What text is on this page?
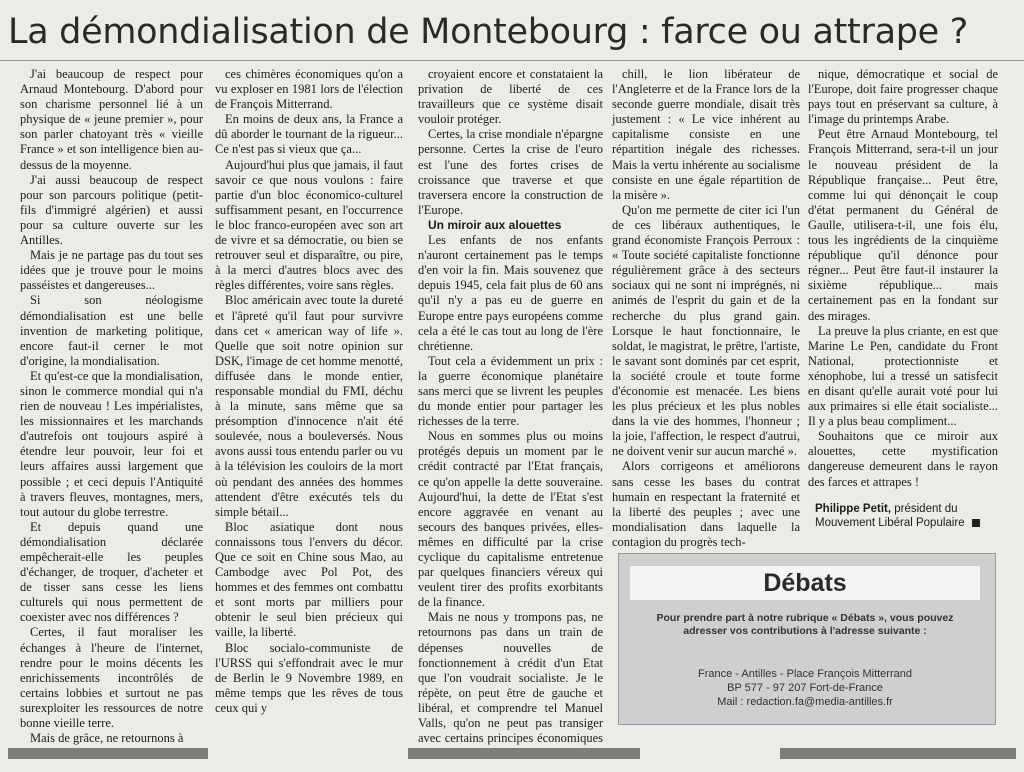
La démondialisation de Montebourg : farce ou attrape ?

J'ai beaucoup de respect pour Arnaud Montebourg. D'abord pour son charisme personnel lié à un physique de « jeune premier », pour son parler chatoyant très « vieille France » et son intelligence bien au-dessus de la moyenne.

J'ai aussi beaucoup de respect pour son parcours politique (petit-fils d'immigré algérien) et aussi pour sa culture ouverte sur les Antilles.

Mais je ne partage pas du tout ses idées que je trouve pour le moins passéistes et dangereuses...

Si son néologisme démondialisation est une belle invention de marketing politique, encore faut-il cerner le mot d'origine, la mondialisation.

Et qu'est-ce que la mondialisation, sinon le commerce mondial qui n'a rien de nouveau ! Les impérialistes, les missionnaires et les marchands d'autrefois ont toujours aspiré à étendre leur pouvoir, leur foi et leurs affaires aussi largement que possible ; et ceci depuis l'Antiquité à travers fleuves, montagnes, mers, tout autour du globe terrestre.

Et depuis quand une démondialisation déclarée empêcherait-elle les peuples d'échanger, de troquer, d'acheter et de tisser sans cesse les liens culturels qui nous permettent de coexister avec nos différences ?

Certes, il faut moraliser les échanges à l'heure de l'internet, rendre pour le moins décents les enrichissements incontrôlés de certains lobbies et surtout ne pas surexploiter les ressources de notre bonne vieille terre.

Mais de grâce, ne retournons à

ces chimères économiques qu'on a vu exploser en 1981 lors de l'élection de François Mitterrand.

En moins de deux ans, la France a dû aborder le tournant de la rigueur... Ce n'est pas si vieux que ça...

Aujourd'hui plus que jamais, il faut savoir ce que nous voulons : faire partie d'un bloc économico-culturel suffisamment pesant, en l'occurrence le bloc franco-européen avec son art de vivre et sa démocratie, ou bien se retrouver seul et disparaître, ou pire, à la merci d'autres blocs avec des règles différentes, voire sans règles.

Bloc américain avec toute la dureté et l'âpreté qu'il faut pour survivre dans cet « american way of life ». Quelle que soit notre opinion sur DSK, l'image de cet homme menotté, diffusée dans le monde entier, responsable mondial du FMI, déchu à la minute, sans même que sa présomption d'innocence n'ait été soulevée, nous a bouleversés. Nous avons aussi tous entendu parler ou vu à la télévision les couloirs de la mort où pendant des années des hommes attendent d'être exécutés tels du simple bétail...

Bloc asiatique dont nous connaissons tous l'envers du décor. Que ce soit en Chine sous Mao, au Cambodge avec Pol Pot, des hommes et des femmes ont combattu et sont morts par milliers pour obtenir le seul bien précieux qui vaille, la liberté.

Bloc socialo-communiste de l'URSS qui s'effondrait avec le mur de Berlin le 9 Novembre 1989, en même temps que les rêves de tous ceux qui y

croyaient encore et constataient la privation de liberté de ces travailleurs que ce système disait vouloir protéger.

Certes, la crise mondiale n'épargne personne. Certes la crise de l'euro est l'une des fortes crises de croissance que traverse et que traversera encore la construction de l'Europe.

Un miroir aux alouettes

Les enfants de nos enfants n'auront certainement pas le temps d'en voir la fin. Mais souvenez que depuis 1945, cela fait plus de 60 ans qu'il n'y a pas eu de guerre en Europe entre pays européens comme cela a été le cas tout au long de l'ère chrétienne.

Tout cela a évidemment un prix : la guerre économique planétaire sans merci que se livrent les peuples du monde entier pour partager les richesses de la terre.

Nous en sommes plus ou moins protégés depuis un moment par le crédit contracté par l'Etat français, ce qu'on appelle la dette souveraine. Aujourd'hui, la dette de l'Etat s'est encore aggravée en venant au secours des banques privées, elles-mêmes en difficulté par la crise cyclique du capitalisme entretenue par quelques financiers véreux qui veulent tirer des profits exorbitants de la finance.

Mais ne nous y trompons pas, ne retournons pas dans un train de dépenses nouvelles de fonctionnement à crédit d'un Etat que l'on voudrait socialiste. Je le répète, on peut être de gauche et libéral, et comprendre tel Manuel Valls, qu'on ne peut pas transiger avec certains principes économiques

chill, le lion libérateur de l'Angleterre et de la France lors de la seconde guerre mondiale, disait très justement : « Le vice inhérent au capitalisme consiste en une répartition inégale des richesses. Mais la vertu inhérente au socialisme consiste en une égale répartition de la misère ».

Qu'on me permette de citer ici l'un de ces libéraux authentiques, le grand économiste François Perroux : « Toute société capitaliste fonctionne régulièrement grâce à des secteurs sociaux qui ne sont ni imprégnés, ni animés de l'esprit du gain et de la recherche du plus grand gain. Lorsque le haut fonctionnaire, le soldat, le magistrat, le prêtre, l'artiste, le savant sont dominés par cet esprit, la société croule et toute forme d'économie est menacée. Les biens les plus précieux et les plus nobles dans la vie des hommes, l'honneur ; la joie, l'affection, le respect d'autrui, ne doivent venir sur aucun marché ».

Alors corrigeons et améliorons sans cesse les bases du contrat humain en respectant la fraternité et la liberté des peuples ; avec une mondialisation dans laquelle la contagion du progrès tech-

nique, démocratique et social de l'Europe, doit faire progresser chaque pays tout en préservant sa culture, à l'image du printemps Arabe.

Peut être Arnaud Montebourg, tel François Mitterrand, sera-t-il un jour le nouveau président de la République française... Peut être, comme lui qui dénonçait le coup d'état permanent du Général de Gaulle, utilisera-t-il, une fois élu, tous les ingrédients de la cinquième république qu'il dénonce pour régner... Peut être faut-il instaurer la sixième république... mais certainement pas en la fondant sur des mirages.

La preuve la plus criante, en est que Marine Le Pen, candidate du Front National, protectionniste et xénophobe, lui a tressé un satisfecit en disant qu'elle aurait voté pour lui aux primaires si elle était socialiste... Il y a plus beau compliment...

Souhaitons que ce miroir aux alouettes, cette mystification dangereuse demeurent dans le rayon des farces et attrapes !

Philippe Petit, président du Mouvement Libéral Populaire
Débats
Pour prendre part à notre rubrique « Débats », vous pouvez adresser vos contributions à l'adresse suivante :
France - Antilles - Place François Mitterrand
BP 577 - 97 207 Fort-de-France
Mail : redaction.fa@media-antilles.fr
